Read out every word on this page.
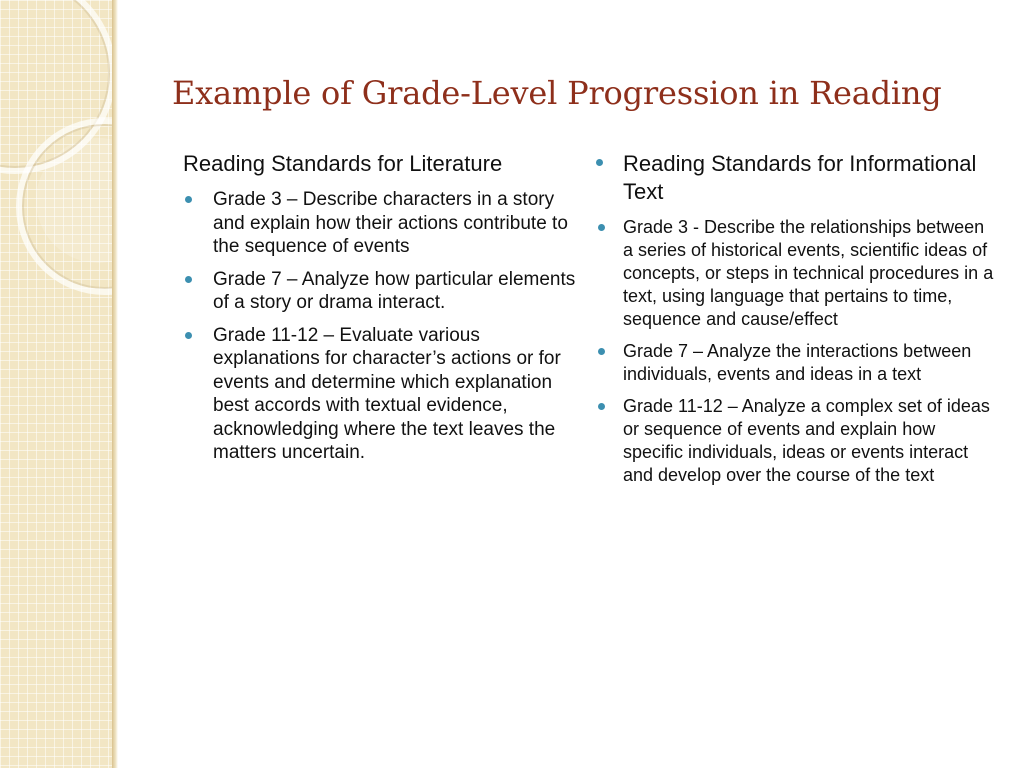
Example of Grade-Level Progression in Reading
Reading Standards for Literature
Grade 3 – Describe characters in a story and explain how their actions contribute to the sequence of events
Grade 7 – Analyze how particular elements of a story or drama interact.
Grade 11-12 – Evaluate various explanations for character’s actions or for events and determine which explanation best accords with textual evidence, acknowledging where the text leaves the matters uncertain.
Reading Standards for Informational Text
Grade 3 - Describe the relationships between a series of historical events, scientific ideas of concepts, or steps in technical procedures in a text, using language that pertains to time, sequence and cause/effect
Grade 7 – Analyze the interactions between individuals, events and ideas in a text
Grade 11-12 – Analyze a complex set of ideas or sequence of events and explain how specific individuals, ideas or events interact and develop over the course of the text
